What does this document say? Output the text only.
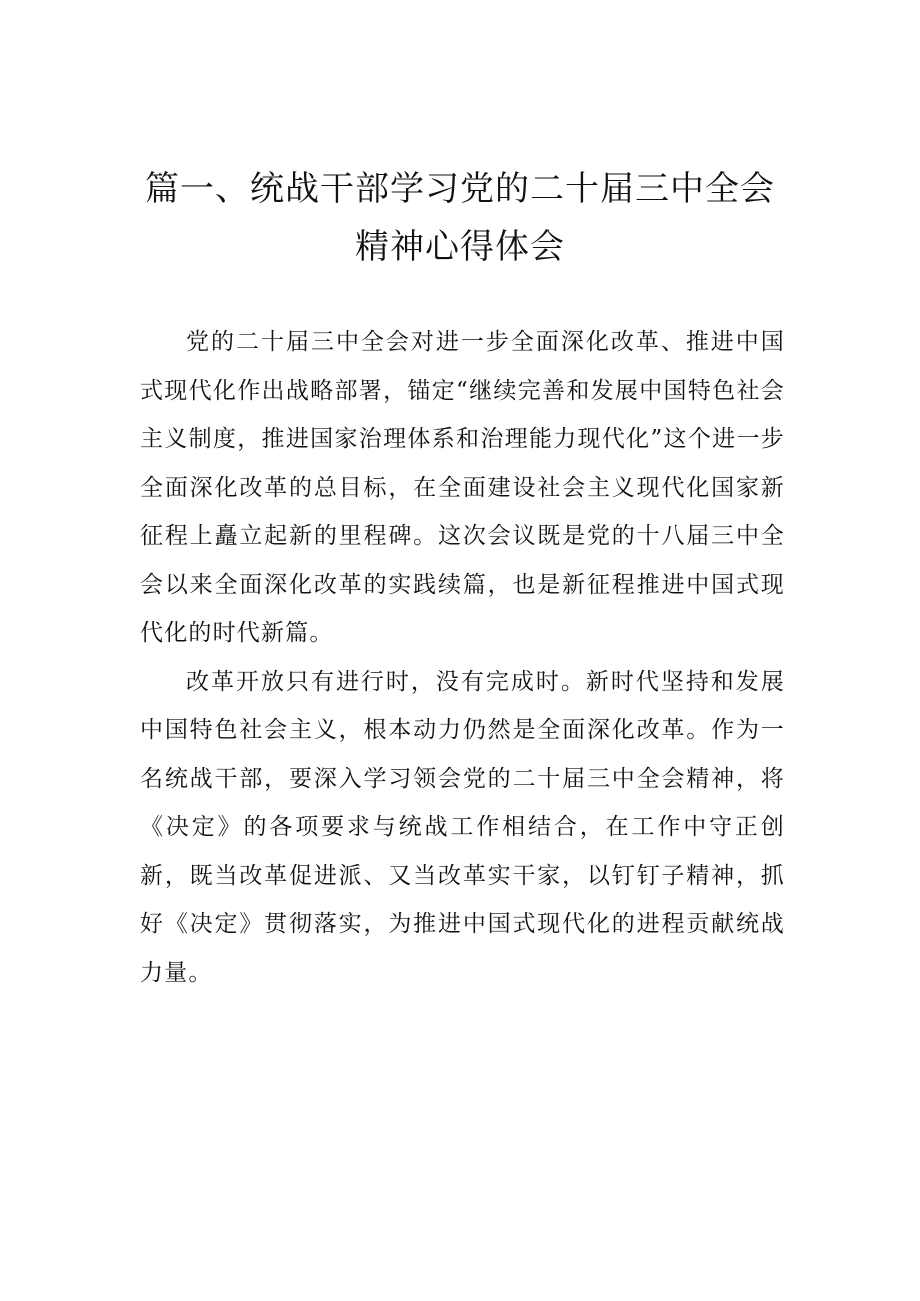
篇一、统战干部学习党的二十届三中全会精神心得体会

党的二十届三中全会对进一步全面深化改革、推进中国式现代化作出战略部署，锚定“继续完善和发展中国特色社会主义制度，推进国家治理体系和治理能力现代化”这个进一步全面深化改革的总目标，在全面建设社会主义现代化国家新征程上矗立起新的里程碑。这次会议既是党的十八届三中全会以来全面深化改革的实践续篇，也是新征程推进中国式现代化的时代新篇。

改革开放只有进行时，没有完成时。新时代坚持和发展中国特色社会主义，根本动力仍然是全面深化改革。作为一名统战干部，要深入学习领会党的二十届三中全会精神，将《决定》的各项要求与统战工作相结合，在工作中守正创新，既当改革促进派、又当改革实干家，以钉钉子精神，抓好《决定》贯彻落实，为推进中国式现代化的进程贡献统战力量。
